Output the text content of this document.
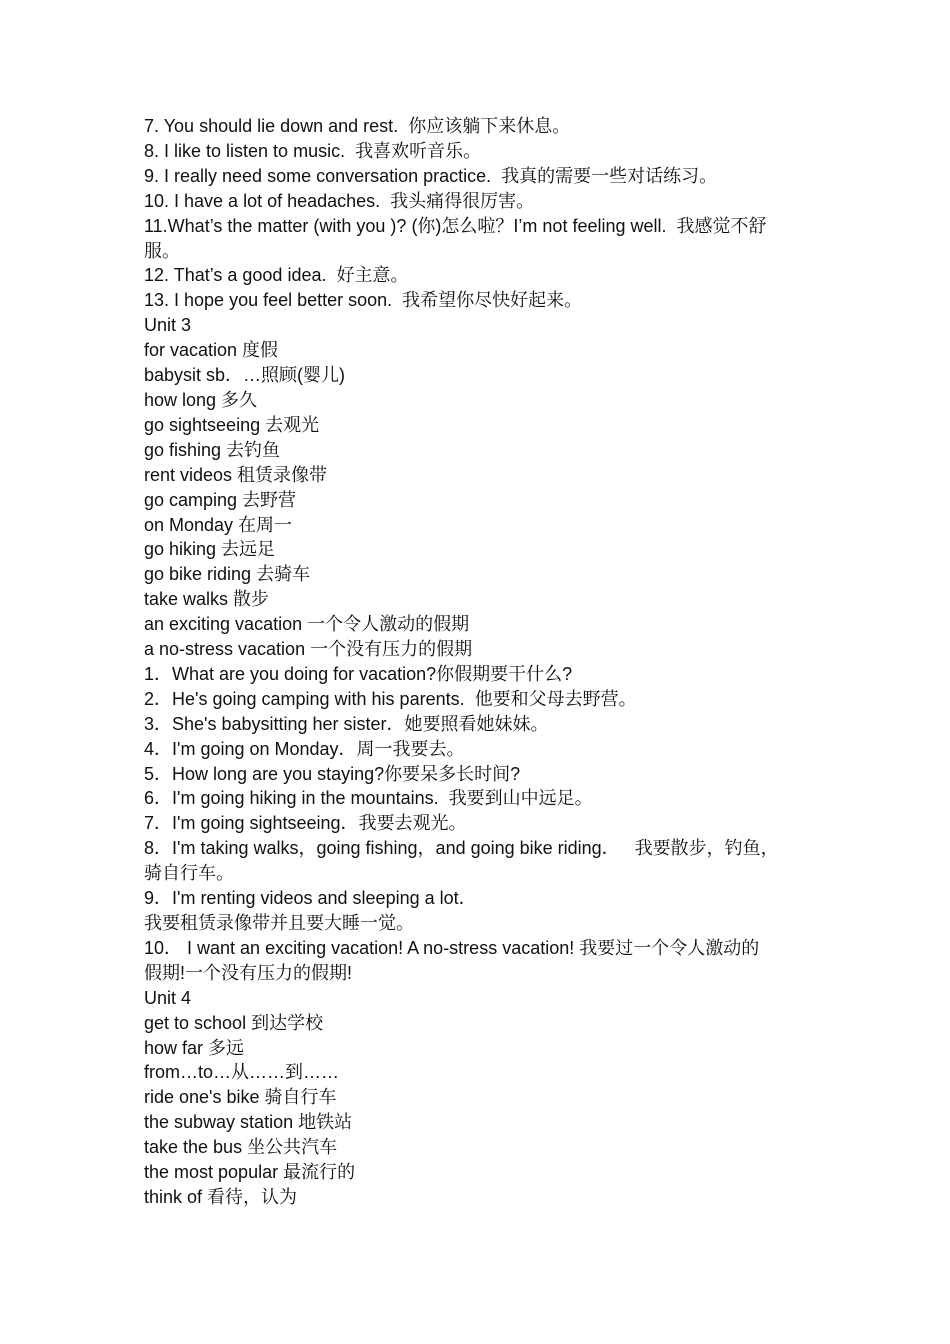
7. You should lie down and rest.  你应该躺下来休息。
8. I like to listen to music.  我喜欢听音乐。
9. I really need some conversation practice.  我真的需要一些对话练习。
10. I have a lot of headaches.  我头痛得很厉害。
11.What’s the matter (with you )? (你)怎么啦？I’m not feeling well.  我感觉不舒
服。
12. That’s a good idea.  好主意。
13. I hope you feel better soon.  我希望你尽快好起来。
Unit 3
for vacation 度假
babysit sb．…照顾(婴儿)
how long 多久
go sightseeing 去观光
go fishing 去钓鱼
rent videos 租赁录像带
go camping 去野营
on Monday 在周一
go hiking 去远足
go bike riding 去骑车
take walks 散步
an exciting vacation 一个令人激动的假期
a no-stress vacation 一个没有压力的假期
1．What are you doing for vacation?你假期要干什么?
2．He's going camping with his parents.  他要和父母去野营。
3．She's babysitting her sister．她要照看她妹妹。
4．I'm going on Monday．周一我要去。
5．How long are you staying?你要呆多长时间?
6．I'm going hiking in the mountains.  我要到山中远足。
7．I'm going sightseeing．我要去观光。
8．I'm taking walks，going fishing，and going bike riding．   我要散步，钓鱼，
骑自行车。
9．I'm renting videos and sleeping a lot．
我要租赁录像带并且要大睡一觉。
10． I want an exciting vacation! A no-stress vacation! 我要过一个令人激动的
假期!一个没有压力的假期!
Unit 4
get to school 到达学校
how far 多远
from…to…从……到……
ride one's bike 骑自行车
the subway station 地铁站
take the bus 坐公共汽车
the most popular 最流行的
think of 看待，认为
